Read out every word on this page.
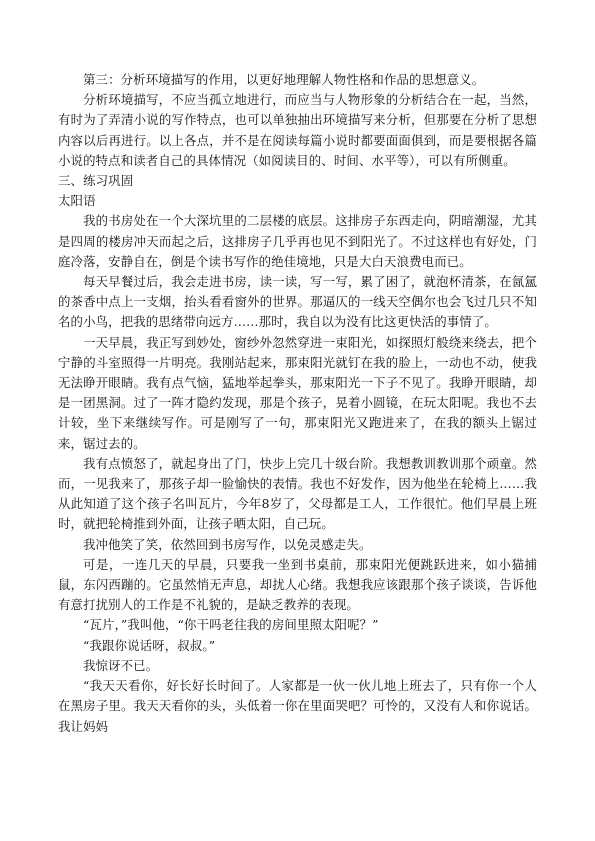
第三：分析环境描写的作用，以更好地理解人物性格和作品的思想意义。

分析环境描写，不应当孤立地进行，而应当与人物形象的分析结合在一起，当然，有时为了弄清小说的写作特点，也可以单独抽出环境描写来分析，但那要在分析了思想内容以后再进行。以上各点，并不是在阅读每篇小说时都要面面俱到，而是要根据各篇小说的特点和读者自己的具体情况（如阅读目的、时间、水平等），可以有所侧重。

三、练习巩固

太阳语

我的书房处在一个大深坑里的二层楼的底层。这排房子东西走向，阴暗潮湿，尤其是四周的楼房冲天而起之后，这排房子几乎再也见不到阳光了。不过这样也有好处，门庭冷落，安静自在，倒是个读书写作的绝佳境地，只是大白天浪费电而已。

每天早餐过后，我会走进书房，读一读，写一写，累了困了，就泡杯清茶，在氤氲的茶香中点上一支烟，抬头看看窗外的世界。那逼仄的一线天空偶尔也会飞过几只不知名的小鸟，把我的思绪带向远方……那时，我自以为没有比这更快活的事情了。

一天早晨，我正写到妙处，窗纱外忽然穿进一束阳光，如探照灯般绕来绕去，把个宁静的斗室照得一片明亮。我刚站起来，那束阳光就钉在我的脸上，一动也不动，使我无法睁开眼睛。我有点气恼，猛地举起拳头，那束阳光一下子不见了。我睁开眼睛，却是一团黑洞。过了一阵才隐约发现，那是个孩子，晃着小圆镜，在玩太阳呢。我也不去计较，坐下来继续写作。可是刚写了一句，那束阳光又跑进来了，在我的额头上锯过来，锯过去的。

我有点愤怒了，就起身出了门，快步上完几十级台阶。我想教训教训那个顽童。然而，一见我来了，那孩子却一脸愉快的表情。我也不好发作，因为他坐在轮椅上……我从此知道了这个孩子名叫瓦片，今年8岁了，父母都是工人，工作很忙。他们早晨上班时，就把轮椅推到外面，让孩子晒太阳，自己玩。

我冲他笑了笑，依然回到书房写作，以免灵感走失。

可是，一连几天的早晨，只要我一坐到书桌前，那束阳光便跳跃进来，如小猫捕鼠，东闪西蹦的。它虽然悄无声息，却扰人心绪。我想我应该跟那个孩子谈谈，告诉他有意打扰别人的工作是不礼貌的，是缺乏教养的表现。

“瓦片，”我叫他，“你干吗老往我的房间里照太阳呢？”

“我跟你说话呀，叔叔。”

我惊讶不已。

“我天天看你，好长好长时间了。人家都是一伙一伙儿地上班去了，只有你一个人在黑房子里。我天天看你的头，头低着一你在里面哭吧？可怜的，又没有人和你说话。我让妈妈
